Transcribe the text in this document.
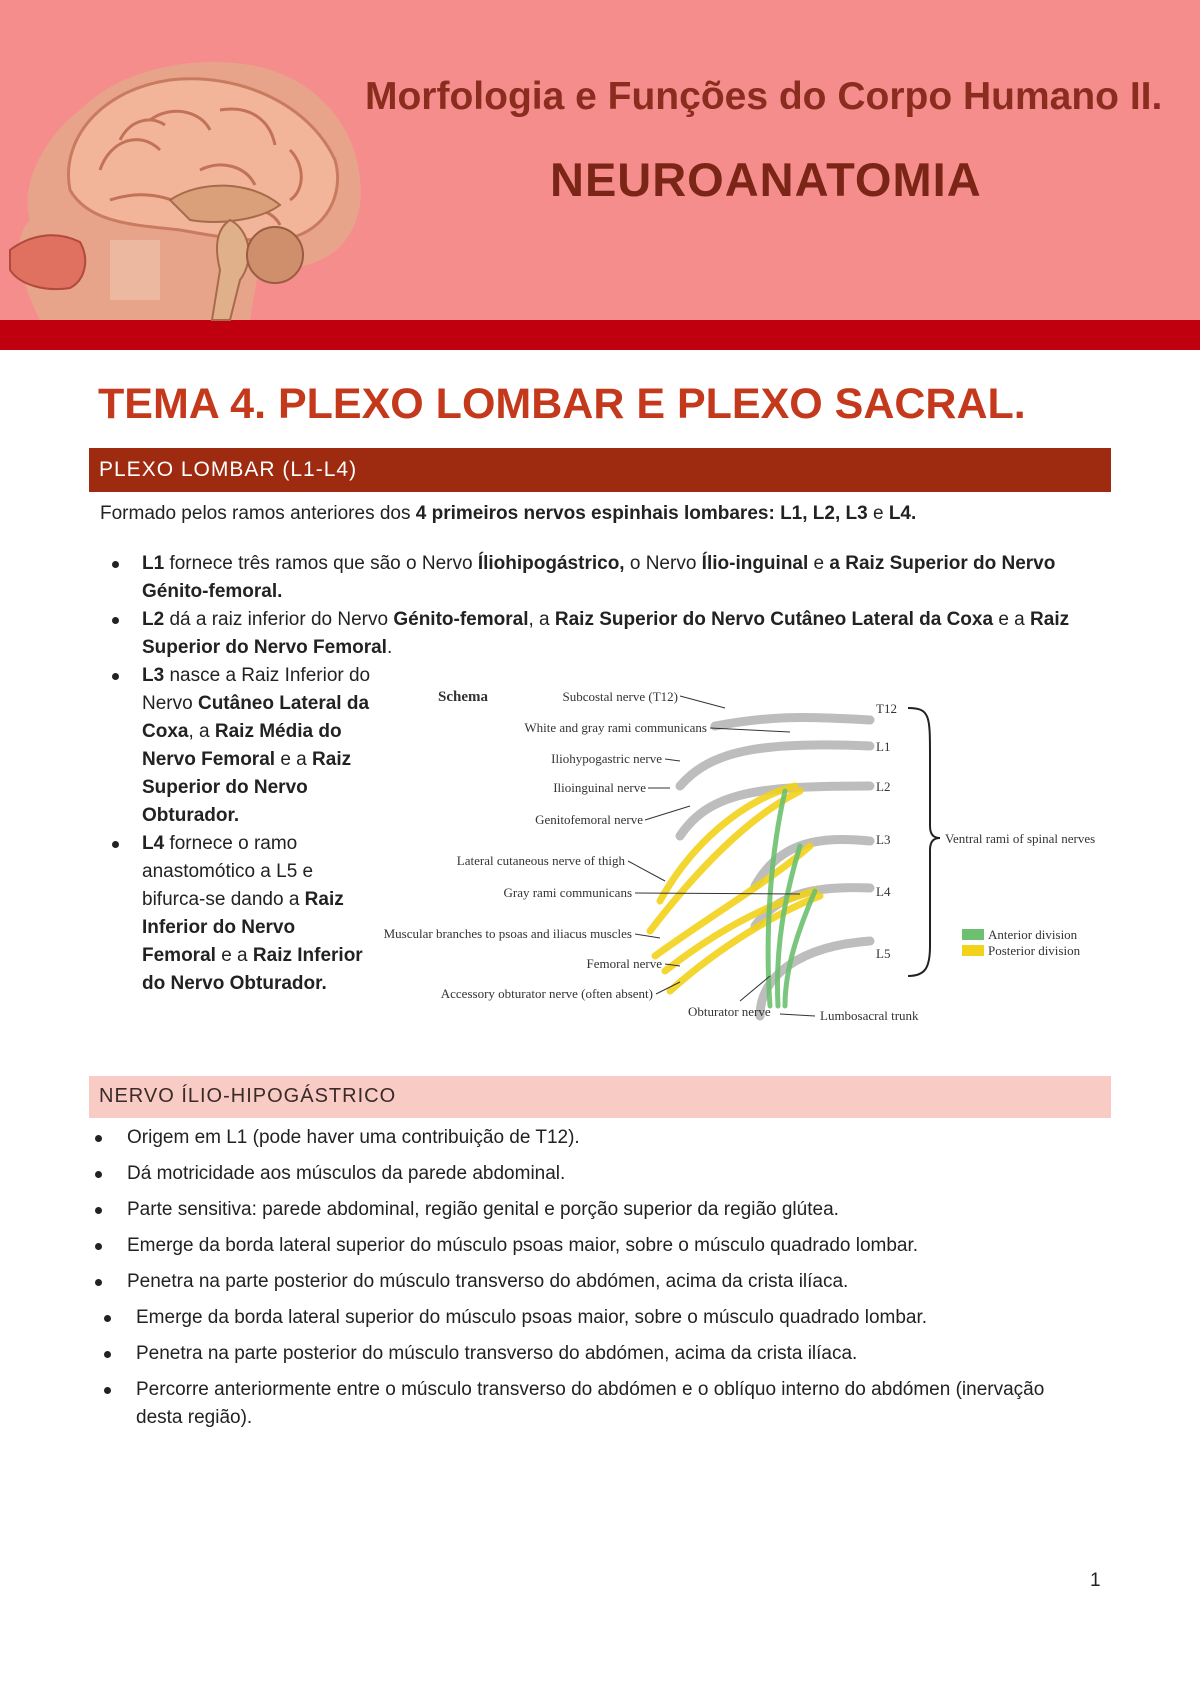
Morfologia e Funções do Corpo Humano II.
NEUROANATOMIA
TEMA 4. PLEXO LOMBAR E PLEXO SACRAL.
PLEXO LOMBAR (L1-L4)
Formado pelos ramos anteriores dos 4 primeiros nervos espinhais lombares: L1, L2, L3 e L4.
L1 fornece três ramos que são o Nervo Íliohipogástrico, o Nervo Ílio-inguinal e a Raiz Superior do Nervo Génito-femoral.
L2 dá a raiz inferior do Nervo Génito-femoral, a Raiz Superior do Nervo Cutâneo Lateral da Coxa e a Raiz Superior do Nervo Femoral.
L3 nasce a Raiz Inferior do Nervo Cutâneo Lateral da Coxa, a Raiz Média do Nervo Femoral e a Raiz Superior do Nervo Obturador.
L4 fornece o ramo anastomótico a L5 e bifurca-se dando a Raiz Inferior do Nervo Femoral e a Raiz Inferior do Nervo Obturador.
Schema	Subcostal nerve (T12)
White and gray rami communicans
Iliohypogastric nerve
Ilioinguinal nerve
Genitofemoral nerve
Lateral cutaneous nerve of thigh
Gray rami communicans
Muscular branches to psoas and iliacus muscles
Femoral nerve
Accessory obturator nerve (often absent)
T12
L1
L2
L3
L4
L5
Ventral rami of spinal nerves
Anterior division
Posterior division
Obturator nerve	Lumbosacral trunk
NERVO ÍLIO-HIPOGÁSTRICO
Origem em L1 (pode haver uma contribuição de T12).
Dá motricidade aos músculos da parede abdominal.
Parte sensitiva: parede abdominal, região genital e porção superior da região glútea.
Emerge da borda lateral superior do músculo psoas maior, sobre o músculo quadrado lombar.
Penetra na parte posterior do músculo transverso do abdómen, acima da crista ilíaca.
Emerge da borda lateral superior do músculo psoas maior, sobre o músculo quadrado lombar.
Penetra na parte posterior do músculo transverso do abdómen, acima da crista ilíaca.
Percorre anteriormente entre o músculo transverso do abdómen e o oblíquo interno do abdómen (inervação desta região).
1
